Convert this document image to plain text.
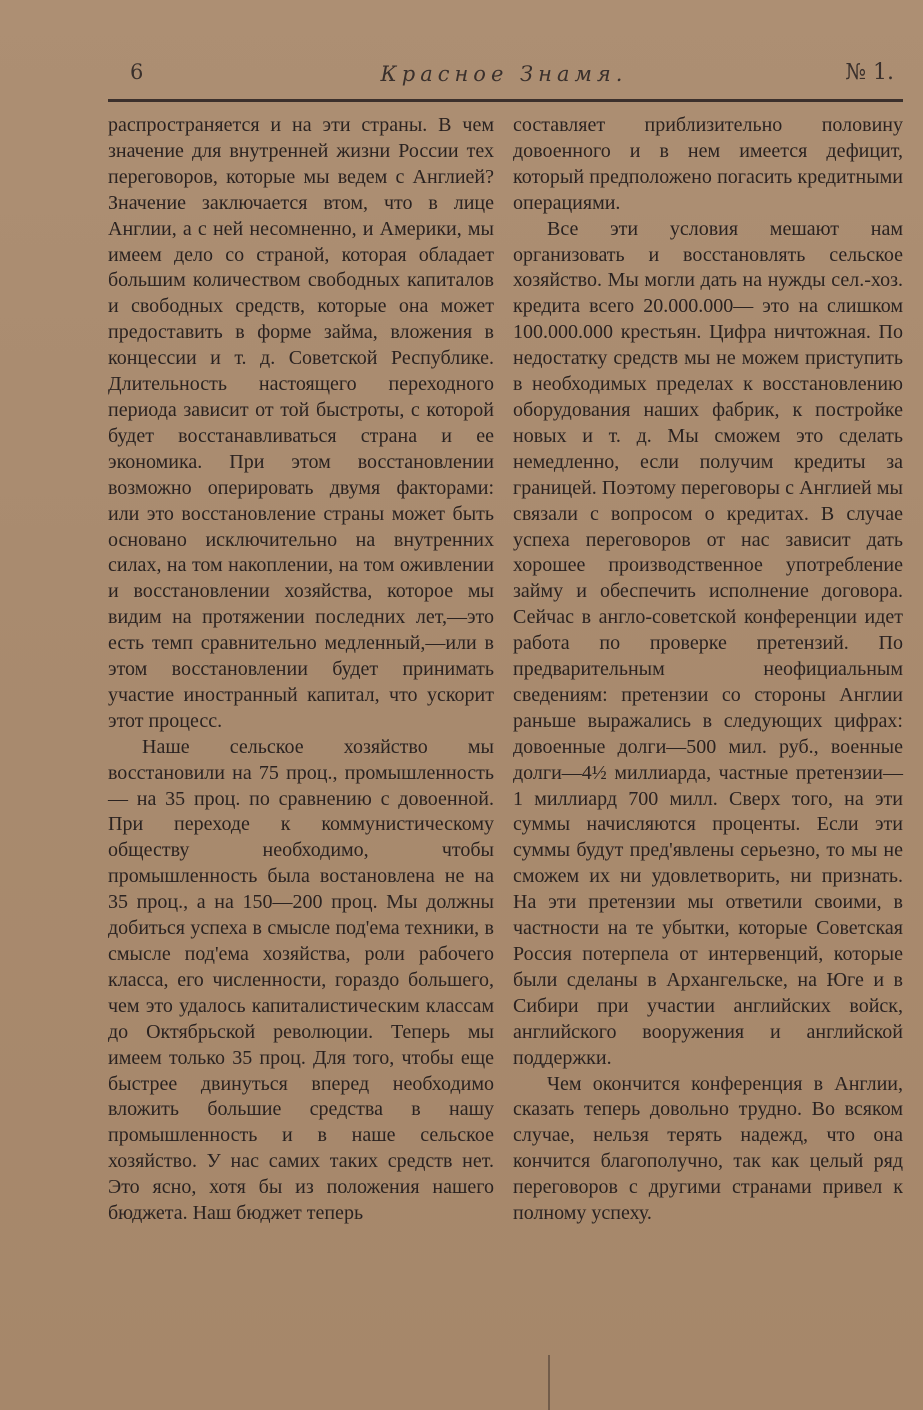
6	Красное Знамя.	№ 1.

распространяется и на эти страны. В чем значение для внутренней жизни России тех переговоров, которые мы ведем с Англией? Значение заключается втом, что в лице Англии, а с ней несомненно, и Америки, мы имеем дело со страной, которая обладает большим количеством свободных капиталов и свободных средств, которые она может предоставить в форме займа, вложения в концессии и т. д. Советской Республике. Длительность настоящего переходного периода зависит от той быстроты, с которой будет восстанавливаться страна и ее экономика. При этом восстановлении возможно оперировать двумя факторами: или это восстановление страны может быть основано исключительно на внутренних силах, на том накоплении, на том оживлении и восстановлении хозяйства, которое мы видим на протяжении последних лет,—это есть темп сравнительно медленный,—или в этом восстановлении будет принимать участие иностранный капитал, что ускорит этот процесс.

Наше сельское хозяйство мы восстановили на 75 проц., промышленность— на 35 проц. по сравнению с довоенной. При переходе к коммунистическому обществу необходимо, чтобы промышленность была востановлена не на 35 проц., а на 150—200 проц. Мы должны добиться успеха в смысле под'ема техники, в смысле под'ема хозяйства, роли рабочего класса, его численности, гораздо большего, чем это удалось капиталистическим классам до Октябрьской революции. Теперь мы имеем только 35 проц. Для того, чтобы еще быстрее двинуться вперед необходимо вложить большие средства в нашу промышленность и в наше сельское хозяйство. У нас самих таких средств нет. Это ясно, хотя бы из положения нашего бюджета. Наш бюджет теперь

составляет приблизительно половину довоенного и в нем имеется дефицит, который предположено погасить кредитными операциями.

Все эти условия мешают нам организовать и восстановлять сельское хозяйство. Мы могли дать на нужды сел.-хоз. кредита всего 20.000.000— это на слишком 100.000.000 крестьян. Цифра ничтожная. По недостатку средств мы не можем приступить в необходимых пределах к восстановлению оборудования наших фабрик, к постройке новых и т. д. Мы сможем это сделать немедленно, если получим кредиты за границей. Поэтому переговоры с Англией мы связали с вопросом о кредитах. В случае успеха переговоров от нас зависит дать хорошее производственное употребление займу и обеспечить исполнение договора. Сейчас в англо-советской конференции идет работа по проверке претензий. По предварительным неофициальным сведениям: претензии со стороны Англии раньше выражались в следующих цифрах: довоенные долги—500 мил. руб., военные долги—4½ миллиарда, частные претензии—1 миллиард 700 милл. Сверх того, на эти суммы начисляются проценты. Если эти суммы будут пред'явлены серьезно, то мы не сможем их ни удовлетворить, ни признать. На эти претензии мы ответили своими, в частности на те убытки, которые Советская Россия потерпела от интервенций, которые были сделаны в Архангельске, на Юге и в Сибири при участии английских войск, английского вооружения и английской поддержки.

Чем окончится конференция в Англии, сказать теперь довольно трудно. Во всяком случае, нельзя терять надежд, что она кончится благополучно, так как целый ряд переговоров с другими странами привел к полному успеху.
